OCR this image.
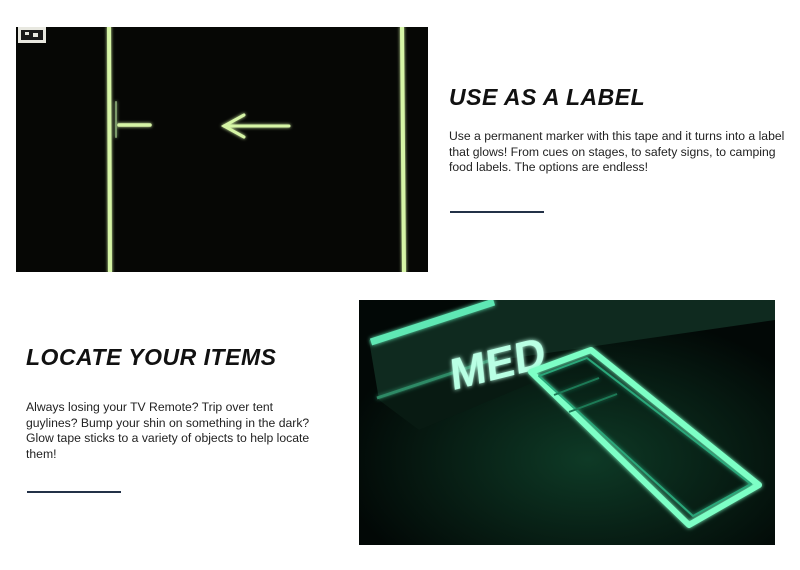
USE AS A LABEL

Use a permanent marker with this tape and it turns into a label that glows! From cues on stages, to safety signs, to camping food labels. The options are endless!

LOCATE YOUR ITEMS

Always losing your TV Remote? Trip over tent guylines? Bump your shin on something in the dark? Glow tape sticks to a variety of objects to help locate them!

MED
